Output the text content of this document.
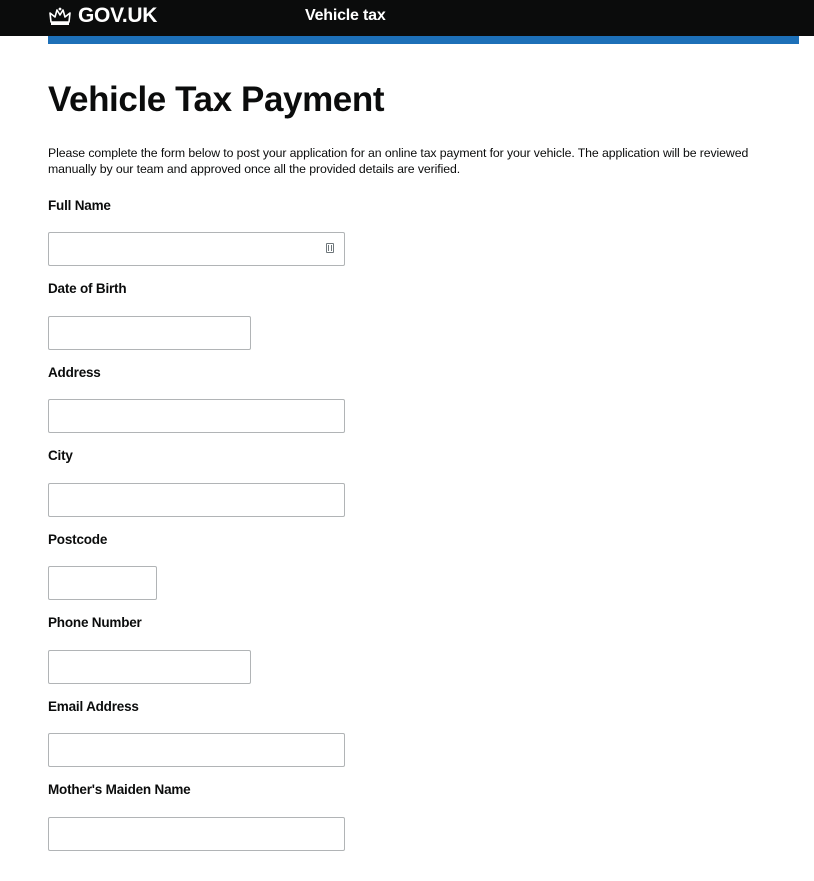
GOV.UK	Vehicle tax
Vehicle Tax Payment

Please complete the form below to post your application for an online tax payment for your vehicle. The application will be reviewed manually by our team and approved once all the provided details are verified.

Full Name
Date of Birth
Address
City
Postcode
Phone Number
Email Address
Mother's Maiden Name
